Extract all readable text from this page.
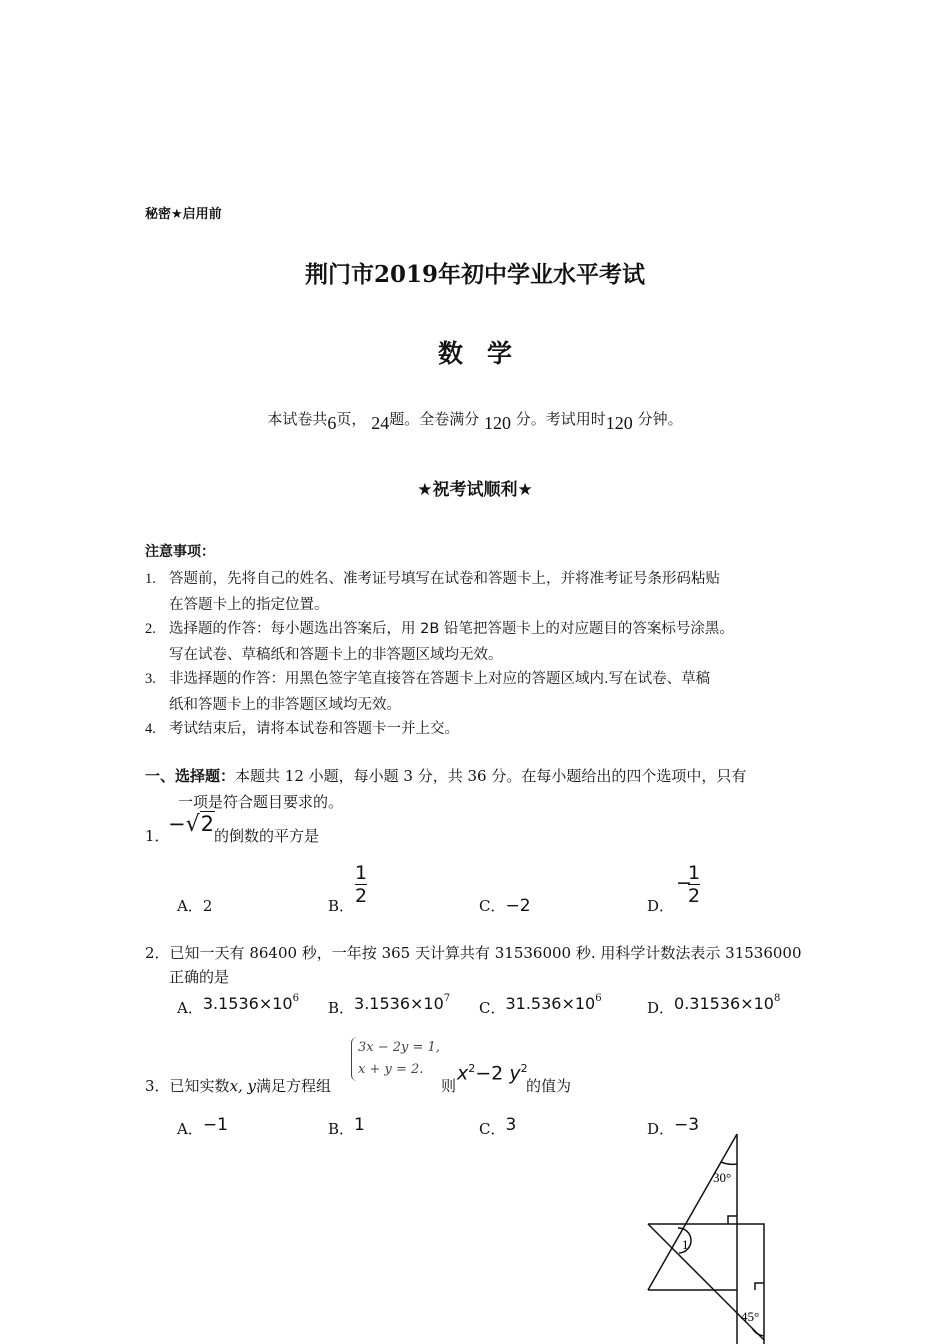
秘密★启用前
荆门市2019年初中学业水平考试
数学
本试卷共6页， 24题。全卷满分 120 分。考试用时120 分钟。
★祝考试顺利★
注意事项：
1. 答题前，先将自己的姓名、准考证号填写在试卷和答题卡上，并将准考证号条形码粘贴
在答题卡上的指定位置。
2. 选择题的作答：每小题选出答案后，用 2B 铅笔把答题卡上的对应题目的答案标号涂黑。
写在试卷、草稿纸和答题卡上的非答题区域均无效。
3. 非选择题的作答：用黑色签字笔直接答在答题卡上对应的答题区域内.写在试卷、草稿
纸和答题卡上的非答题区域均无效。
4. 考试结束后，请将本试卷和答题卡一并上交。
一、选择题：本题共 12 小题，每小题 3 分，共 36 分。在每小题给出的四个选项中，只有
一项是符合题目要求的。
1．
−√2 的倒数的平方是
A．2	B． $\frac{1}{2}$	C．−2	D．
−
$\frac{1}{2}$
2．已知一天有 86400 秒，一年按 365 天计算共有 31536000 秒. 用科学计数法表示 31536000
正确的是
A．$3.1536\times 10^6$
B．$3.1536\times 10^7$
C．$31.536\times 10^6$
D．$0.31536\times 10^8$
3．已知实数x, y满足方程组
3x − 2y = 1,
x + y = 2.
则
$x^2-2$ $y^2$
的值为
A．−1	B．1	C．3	D．−3
30°
1
45°
